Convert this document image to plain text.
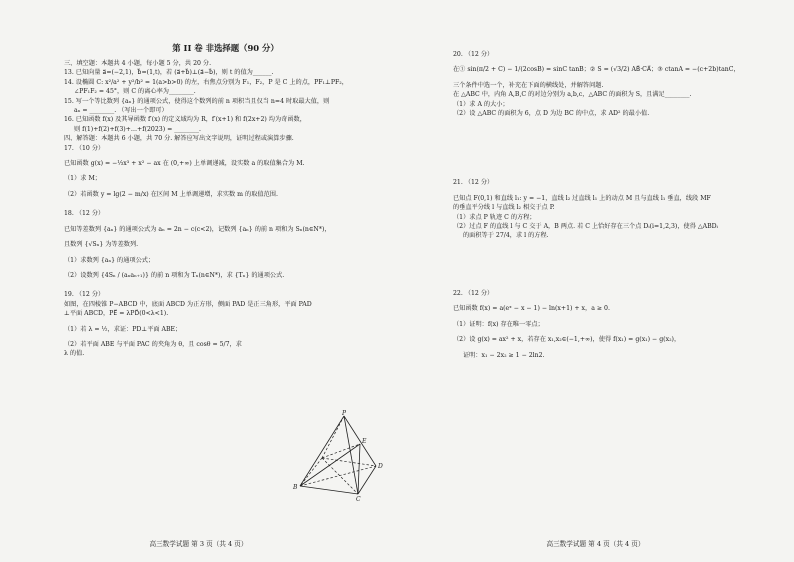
第 II 卷 非选择题（90 分）
三、填空题：本题共 4 小题，每小题 5 分，共 20 分.
13. 已知向量 a⃗=(−2,1)，b⃗=(1,t)，若 (a⃗+b⃗)⊥(a⃗−b⃗)，则 t 的值为______.
14. 设椭圆 C: x²/a² + y²/b² = 1(a>b>0) 的左，右焦点分别为 F₁，F₂，P 是 C 上的点，PF₁⊥PF₂，
∠PF₁F₂ = 45°，则 C 的离心率为________.
15. 写一个等比数列 {aₙ} 的通项公式，使得这个数列的前 n 项积当且仅当 n=4 时取最大值，则
aₙ = ________. （写出一个即可）
16. 已知函数 f(x) 及其导函数 f′(x) 的定义域均为 R，f′(x+1) 和 f(2x+2) 均为奇函数，
则 f(1)+f(2)+f(3)+…+f(2023) = ________.
四、解答题：本题共 6 小题，共 70 分. 解答应写出文字说明，证明过程或演算步骤.
17. （10 分）
已知函数 g(x) = −⅓x³ + x² − ax 在 (0,+∞) 上单调递减，设实数 a 的取值集合为 M.
（1）求 M；
（2）若函数 y = lg(2 − m/x) 在区间 M 上单调递增，求实数 m 的取值范围.
18. （12 分）
已知等差数列 {aₙ} 的通项公式为 aₙ = 2n − c(c<2)，记数列 {aₙ} 的前 n 项和为 Sₙ(n∈N*)，
且数列 {√Sₙ} 为等差数列.
（1）求数列 {aₙ} 的通项公式；
（2）设数列 {4Sₙ / (aₙaₙ₊₁)} 的前 n 项和为 Tₙ(n∈N*)，求 {Tₙ} 的通项公式.
19. （12 分）
如图，在四棱锥 P−ABCD 中，底面 ABCD 为正方形，侧面 PAD 是正三角形，平面 PAD
⊥平面 ABCD，PE⃗ = λPD⃗(0<λ<1).
（1）若 λ = ½，求证：PD⊥平面 ABE；
（2）若平面 ABE 与平面 PAC 的夹角为 θ，且 cosθ = 5/7，求
λ 的值.
高三数学试题 第 3 页（共 4 页）
P
E
D
B
C
20. （12 分）
在① sin(π/2 + C) − 1/(2cosB) = sinC tanB；② S = (√3/2) AB⃗·CA⃗；③ ctanA = −(c+2b)tanC，
三个条件中选一个，补充在下面的横线处，并解答问题.
在 △ABC 中，内角 A,B,C 的对边分别为 a,b,c，△ABC 的面积为 S，且满足________.
（1）求 A 的大小；
（2）设 △ABC 的面积为 6，点 D 为边 BC 的中点，求 AD² 的最小值.
21. （12 分）
已知点 F(0,1) 和直线 l₁: y = −1，直线 l₂ 过直线 l₁ 上的动点 M 且与直线 l₁ 垂直，线段 MF
的垂直平分线 l 与直线 l₂ 相交于点 P.
（1）求点 P 轨迹 C 的方程；
（2）过点 F 的直线 l 与 C 交于 A，B 两点. 若 C 上恰好存在三个点 Dᵢ(i=1,2,3)，使得 △ABDᵢ
的面积等于 27/4，求 l 的方程.
22. （12 分）
已知函数 f(x) = a(eˣ − x − 1) − ln(x+1) + x，a ≥ 0.
（1）证明：f(x) 存在唯一零点；
（2）设 g(x) = ax² + x，若存在 x₁,x₂∈(−1,+∞)，使得 f(x₁) = g(x₁) − g(x₂)，
证明：x₁ − 2x₂ ≥ 1 − 2ln2.
高三数学试题 第 4 页（共 4 页）
